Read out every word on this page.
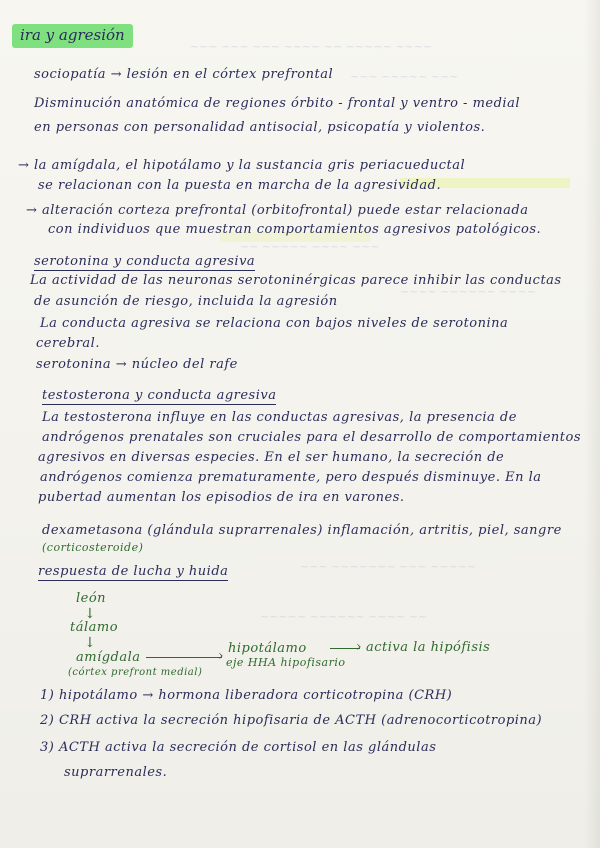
~~~ ~~~ ~~~ ~~~~ ~~ ~~~~~ ~~~~
~~~ ~~~~~ ~~~
~~~~ ~~~~~~ ~~~~
~~ ~~~~~ ~~~~ ~~~
~~~ ~~~~~~~ ~~~ ~~~~~
~~~~~ ~~~~~~ ~~~~ ~~
ira y agresión
sociopatía → lesión en el córtex prefrontal
Disminución anatómica de regiones órbito - frontal y ventro - medial
en personas con personalidad antisocial, psicopatía y violentos.
→ la amígdala, el hipotálamo y la sustancia gris periacueductal
se relacionan con la puesta en marcha de la agresividad.
→ alteración corteza prefrontal (orbitofrontal) puede estar relacionada
con individuos que muestran comportamientos agresivos patológicos.
serotonina y conducta agresiva
La actividad de las neuronas serotoninérgicas parece inhibir las conductas
de asunción de riesgo, incluida la agresión
La conducta agresiva se relaciona con bajos niveles de serotonina
cerebral.
serotonina → núcleo del rafe
testosterona y conducta agresiva
La testosterona influye en las conductas agresivas, la presencia de
andrógenos prenatales son cruciales para el desarrollo de comportamientos
agresivos en diversas especies. En el ser humano, la secreción de
andrógenos comienza prematuramente, pero después disminuye. En la
pubertad aumentan los episodios de ira en varones.
dexametasona (glándula suprarrenales) inflamación, artritis, piel, sangre
(corticosteroide)
respuesta de lucha y huida
león
↓
tálamo
↓
amígdala
(córtex prefront medial)
› hipotálamo
eje HHA hipofisario
› activa la hipófisis
1) hipotálamo → hormona liberadora corticotropina (CRH)
2) CRH activa la secreción hipofisaria de ACTH (adrenocorticotropina)
3) ACTH activa la secreción de cortisol en las glándulas
suprarrenales.
